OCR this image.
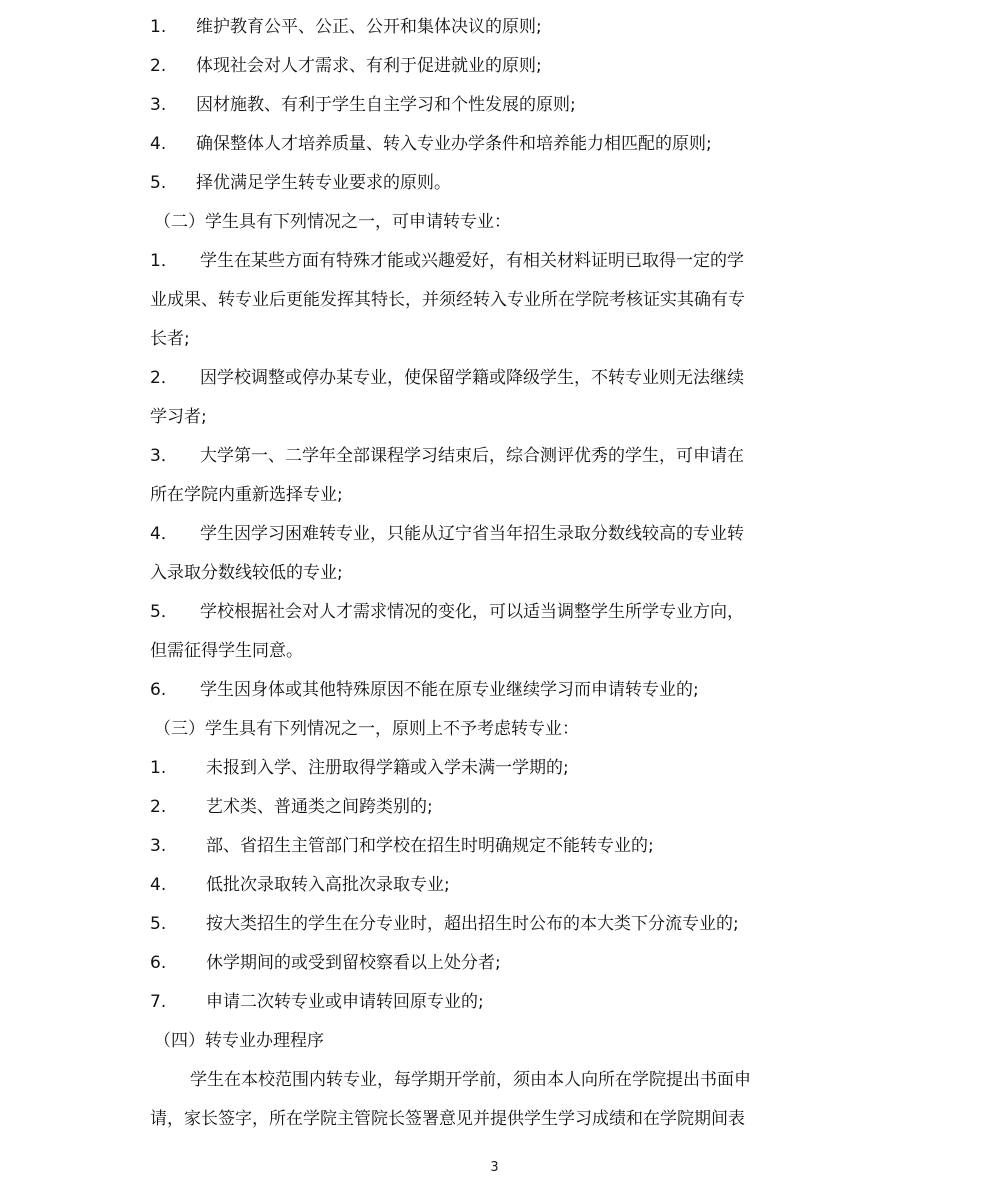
1. 维护教育公平、公正、公开和集体决议的原则;
2. 体现社会对人才需求、有利于促进就业的原则;
3. 因材施教、有利于学生自主学习和个性发展的原则;
4. 确保整体人才培养质量、转入专业办学条件和培养能力相匹配的原则;
5. 择优满足学生转专业要求的原则。
（二）学生具有下列情况之一，可申请转专业：
1． 学生在某些方面有特殊才能或兴趣爱好，有相关材料证明已取得一定的学
业成果、转专业后更能发挥其特长，并须经转入专业所在学院考核证实其确有专
长者;
2． 因学校调整或停办某专业，使保留学籍或降级学生，不转专业则无法继续
学习者;
3． 大学第一、二学年全部课程学习结束后，综合测评优秀的学生，可申请在
所在学院内重新选择专业;
4． 学生因学习困难转专业，只能从辽宁省当年招生录取分数线较高的专业转
入录取分数线较低的专业;
5． 学校根据社会对人才需求情况的变化，可以适当调整学生所学专业方向，
但需征得学生同意。
6. 学生因身体或其他特殊原因不能在原专业继续学习而申请转专业的;
（三）学生具有下列情况之一，原则上不予考虑转专业：
1. 未报到入学、注册取得学籍或入学未满一学期的;
2. 艺术类、普通类之间跨类别的;
3. 部、省招生主管部门和学校在招生时明确规定不能转专业的;
4. 低批次录取转入高批次录取专业;
5. 按大类招生的学生在分专业时，超出招生时公布的本大类下分流专业的;
6. 休学期间的或受到留校察看以上处分者;
7. 申请二次转专业或申请转回原专业的;
（四）转专业办理程序
学生在本校范围内转专业，每学期开学前，须由本人向所在学院提出书面申
请，家长签字，所在学院主管院长签署意见并提供学生学习成绩和在学院期间表
3
